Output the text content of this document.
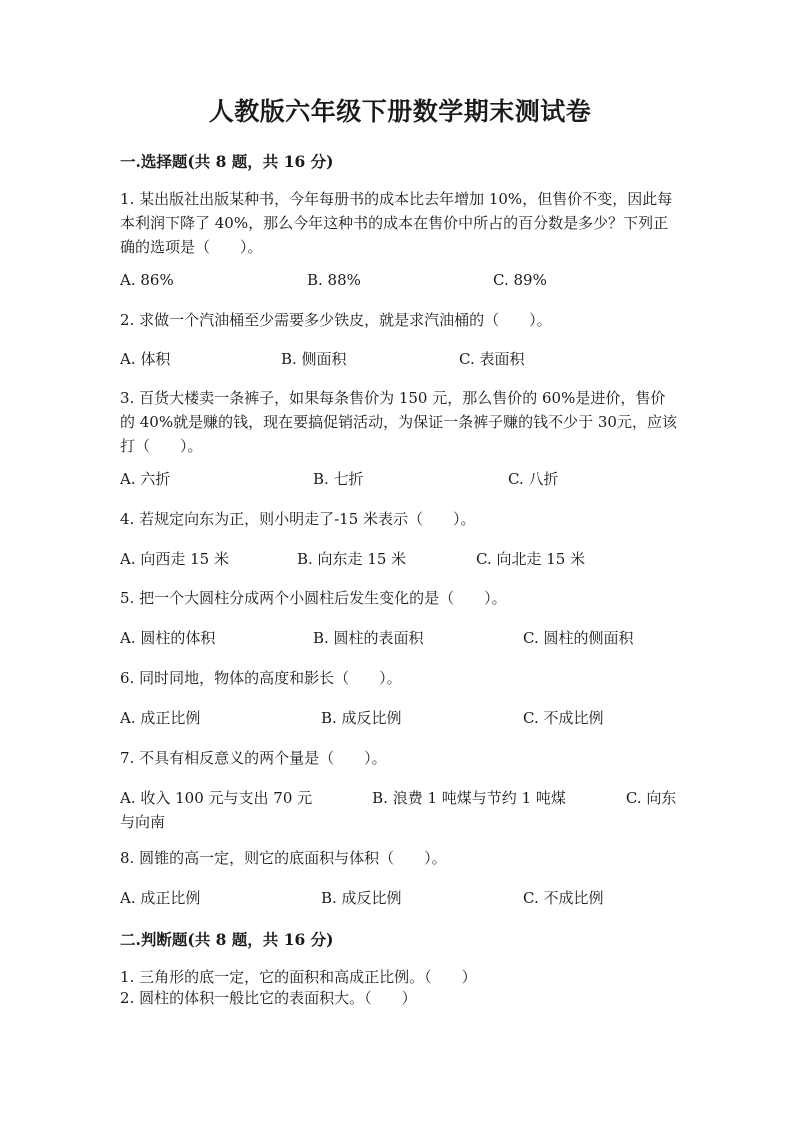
人教版六年级下册数学期末测试卷
一.选择题(共 8 题，共 16 分)
1. 某出版社出版某种书，今年每册书的成本比去年增加 10%，但售价不变，因此每本利润下降了 40%，那么今年这种书的成本在售价中所占的百分数是多少？下列正确的选项是（　　）。
A. 86%	B. 88%	C. 89%
2. 求做一个汽油桶至少需要多少铁皮，就是求汽油桶的（　　）。
A. 体积	B. 侧面积	C. 表面积
3. 百货大楼卖一条裤子，如果每条售价为 150 元，那么售价的 60%是进价，售价的 40%就是赚的钱，现在要搞促销活动，为保证一条裤子赚的钱不少于 30元，应该打（　　）。
A. 六折	B. 七折	C. 八折
4. 若规定向东为正，则小明走了-15 米表示（　　）。
A. 向西走 15 米	B. 向东走 15 米	C. 向北走 15 米
5. 把一个大圆柱分成两个小圆柱后发生变化的是（　　）。
A. 圆柱的体积	B. 圆柱的表面积	C. 圆柱的侧面积
6. 同时同地，物体的高度和影长（　　）。
A. 成正比例	B. 成反比例	C. 不成比例
7. 不具有相反意义的两个量是（　　）。
A. 收入 100 元与支出 70 元　　　　B. 浪费 1 吨煤与节约 1 吨煤　　　　C. 向东与向南
8. 圆锥的高一定，则它的底面积与体积（　　）。
A. 成正比例	B. 成反比例	C. 不成比例
二.判断题(共 8 题，共 16 分)
1. 三角形的底一定，它的面积和高成正比例。（　　）
2. 圆柱的体积一般比它的表面积大。（　　）
